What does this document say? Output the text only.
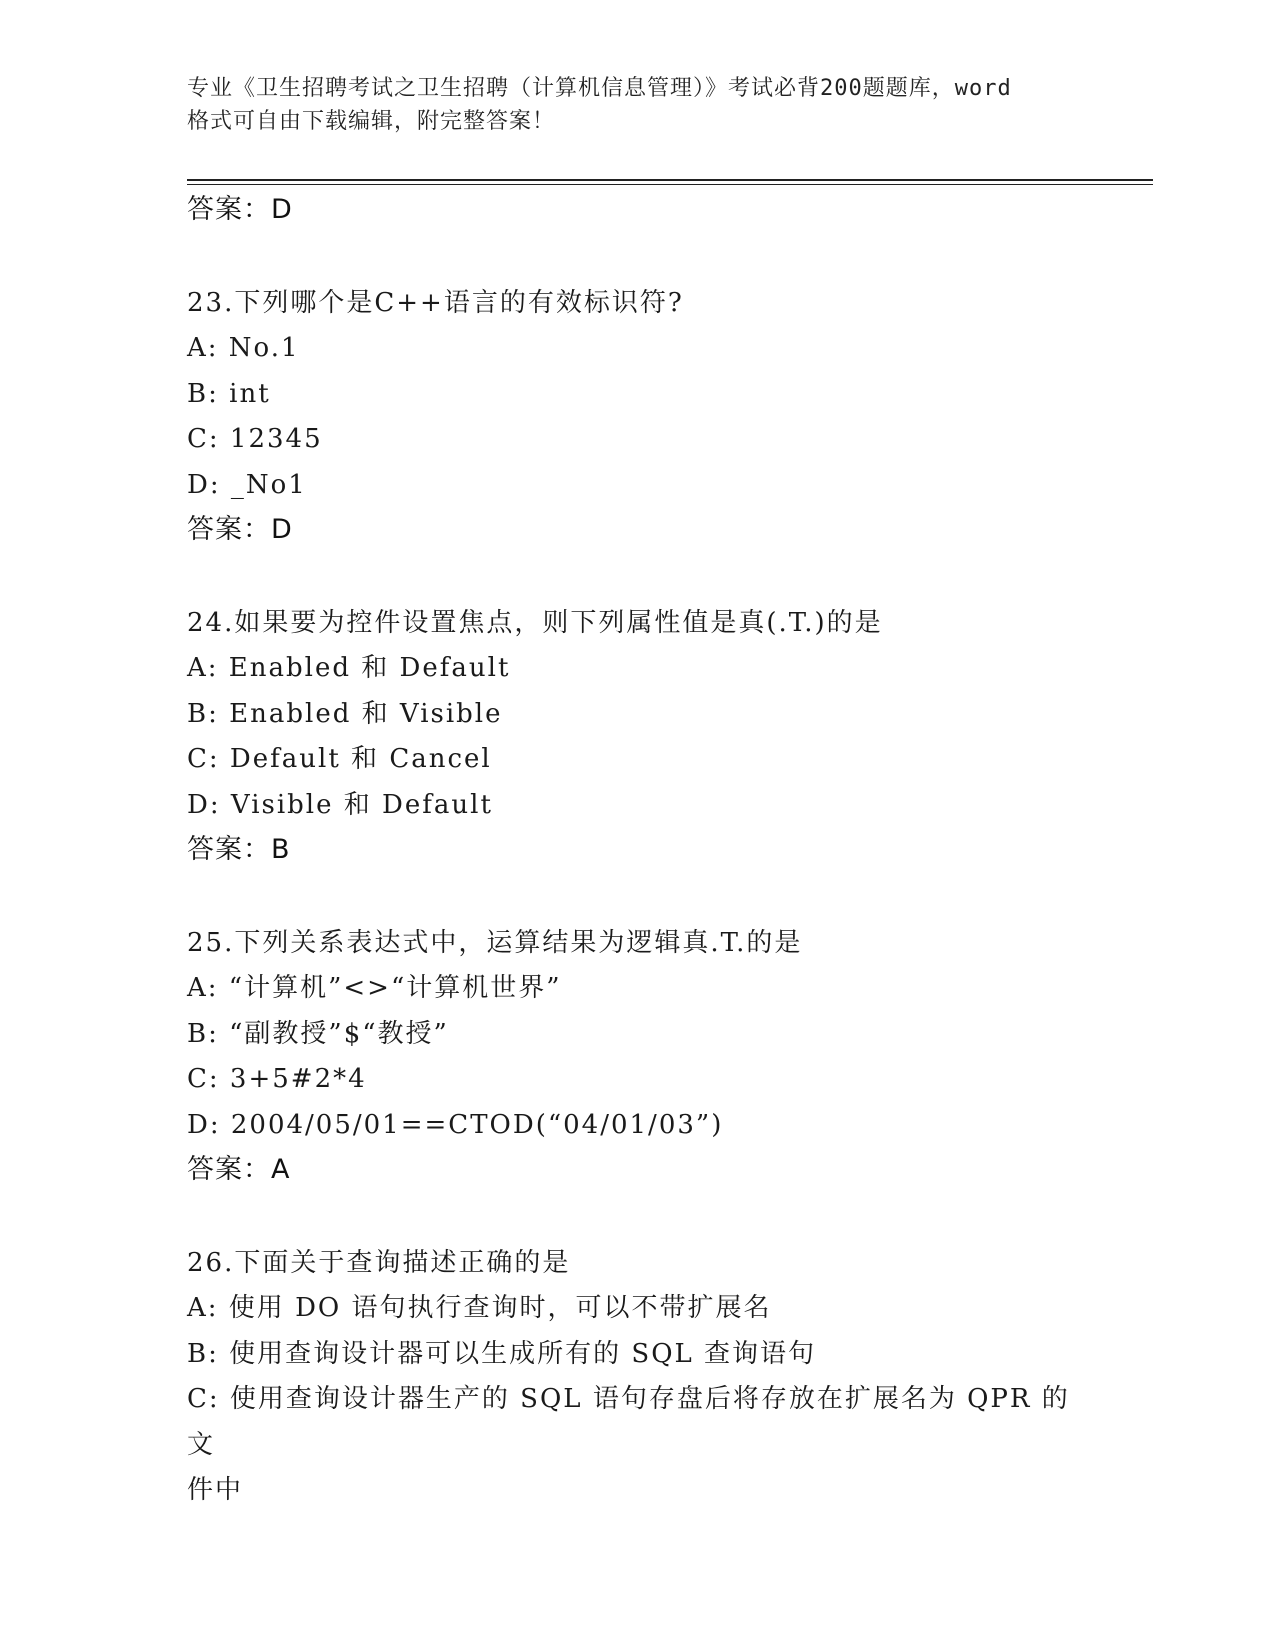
专业《卫生招聘考试之卫生招聘（计算机信息管理）》考试必背200题题库，word
格式可自由下载编辑，附完整答案！

答案：D

23.下列哪个是C++语言的有效标识符?

A: No.1

B: int

C: 12345

D: _No1

答案：D

24.如果要为控件设置焦点，则下列属性值是真(.T.)的是

A: Enabled 和 Default

B: Enabled 和 Visible

C: Default 和 Cancel

D: Visible 和 Default

答案：B

25.下列关系表达式中，运算结果为逻辑真.T.的是

A: “计算机”<>“计算机世界”

B: “副教授”$“教授”

C: 3+5#2*4

D: 2004/05/01==CTOD(“04/01/03”)

答案：A

26.下面关于查询描述正确的是

A: 使用 DO 语句执行查询时，可以不带扩展名

B: 使用查询设计器可以生成所有的 SQL 查询语句

C: 使用查询设计器生产的 SQL 语句存盘后将存放在扩展名为 QPR 的文

件中
